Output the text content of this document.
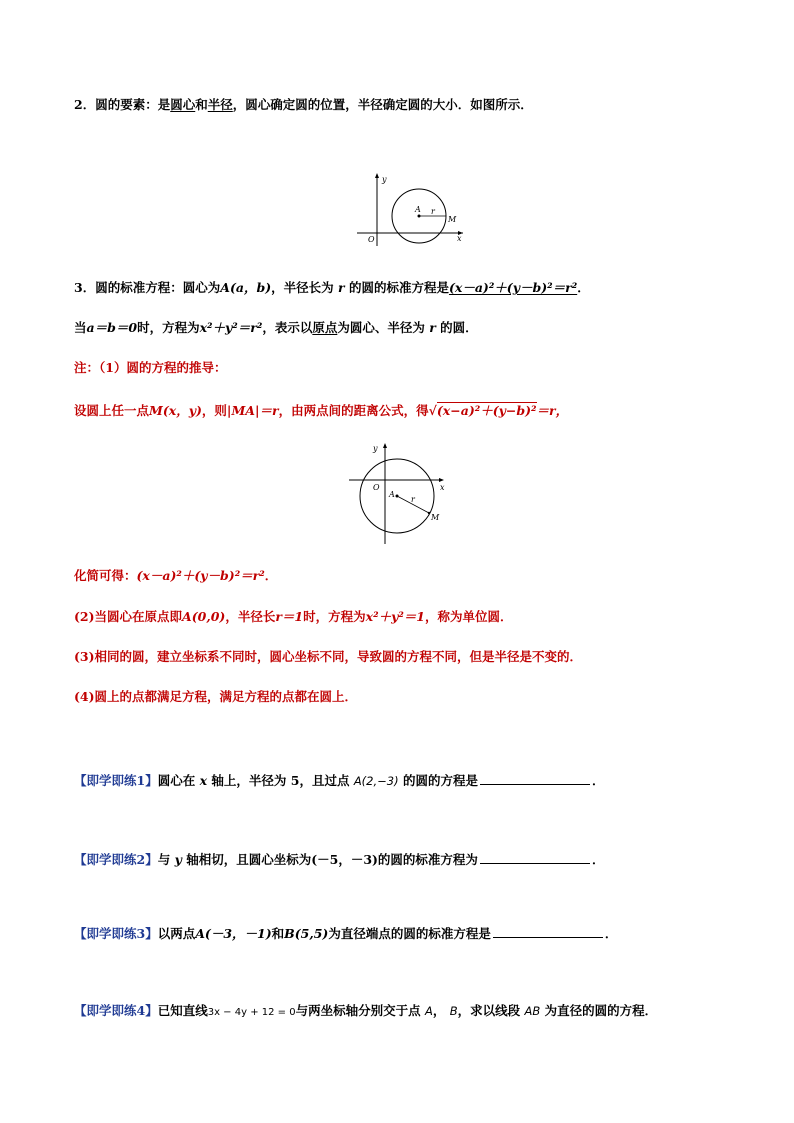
2．圆的要素：是圆心和半径，圆心确定圆的位置，半径确定圆的大小．如图所示．
y
x
O
A r
M
3．圆的标准方程：圆心为A(a，b)，半径长为 r 的圆的标准方程是(x－a)²＋(y－b)²＝r²．
当a＝b＝0时，方程为x²＋y²＝r²，表示以原点为圆心、半径为 r 的圆．
注：（1）圆的方程的推导：
设圆上任一点M(x，y)，则|MA|＝r，由两点间的距离公式，得√(x−a)²＋(y−b)²＝r，
y
x
O
A
r
M
化简可得：(x－a)²＋(y－b)²＝r²．
(2)当圆心在原点即A(0,0)，半径长r＝1时，方程为x²＋y²＝1，称为单位圆．
(3)相同的圆，建立坐标系不同时，圆心坐标不同，导致圆的方程不同，但是半径是不变的．
(4)圆上的点都满足方程，满足方程的点都在圆上．
【即学即练1】圆心在 x 轴上，半径为 5，且过点 A(2,−3) 的圆的方程是	．
【即学即练2】与 y 轴相切，且圆心坐标为(－5，－3)的圆的标准方程为	．
【即学即练3】以两点A(－3，－1)和B(5,5)为直径端点的圆的标准方程是	．
【即学即练4】已知直线3x − 4y + 12 = 0与两坐标轴分别交于点 A， B，求以线段 AB 为直径的圆的方程．
